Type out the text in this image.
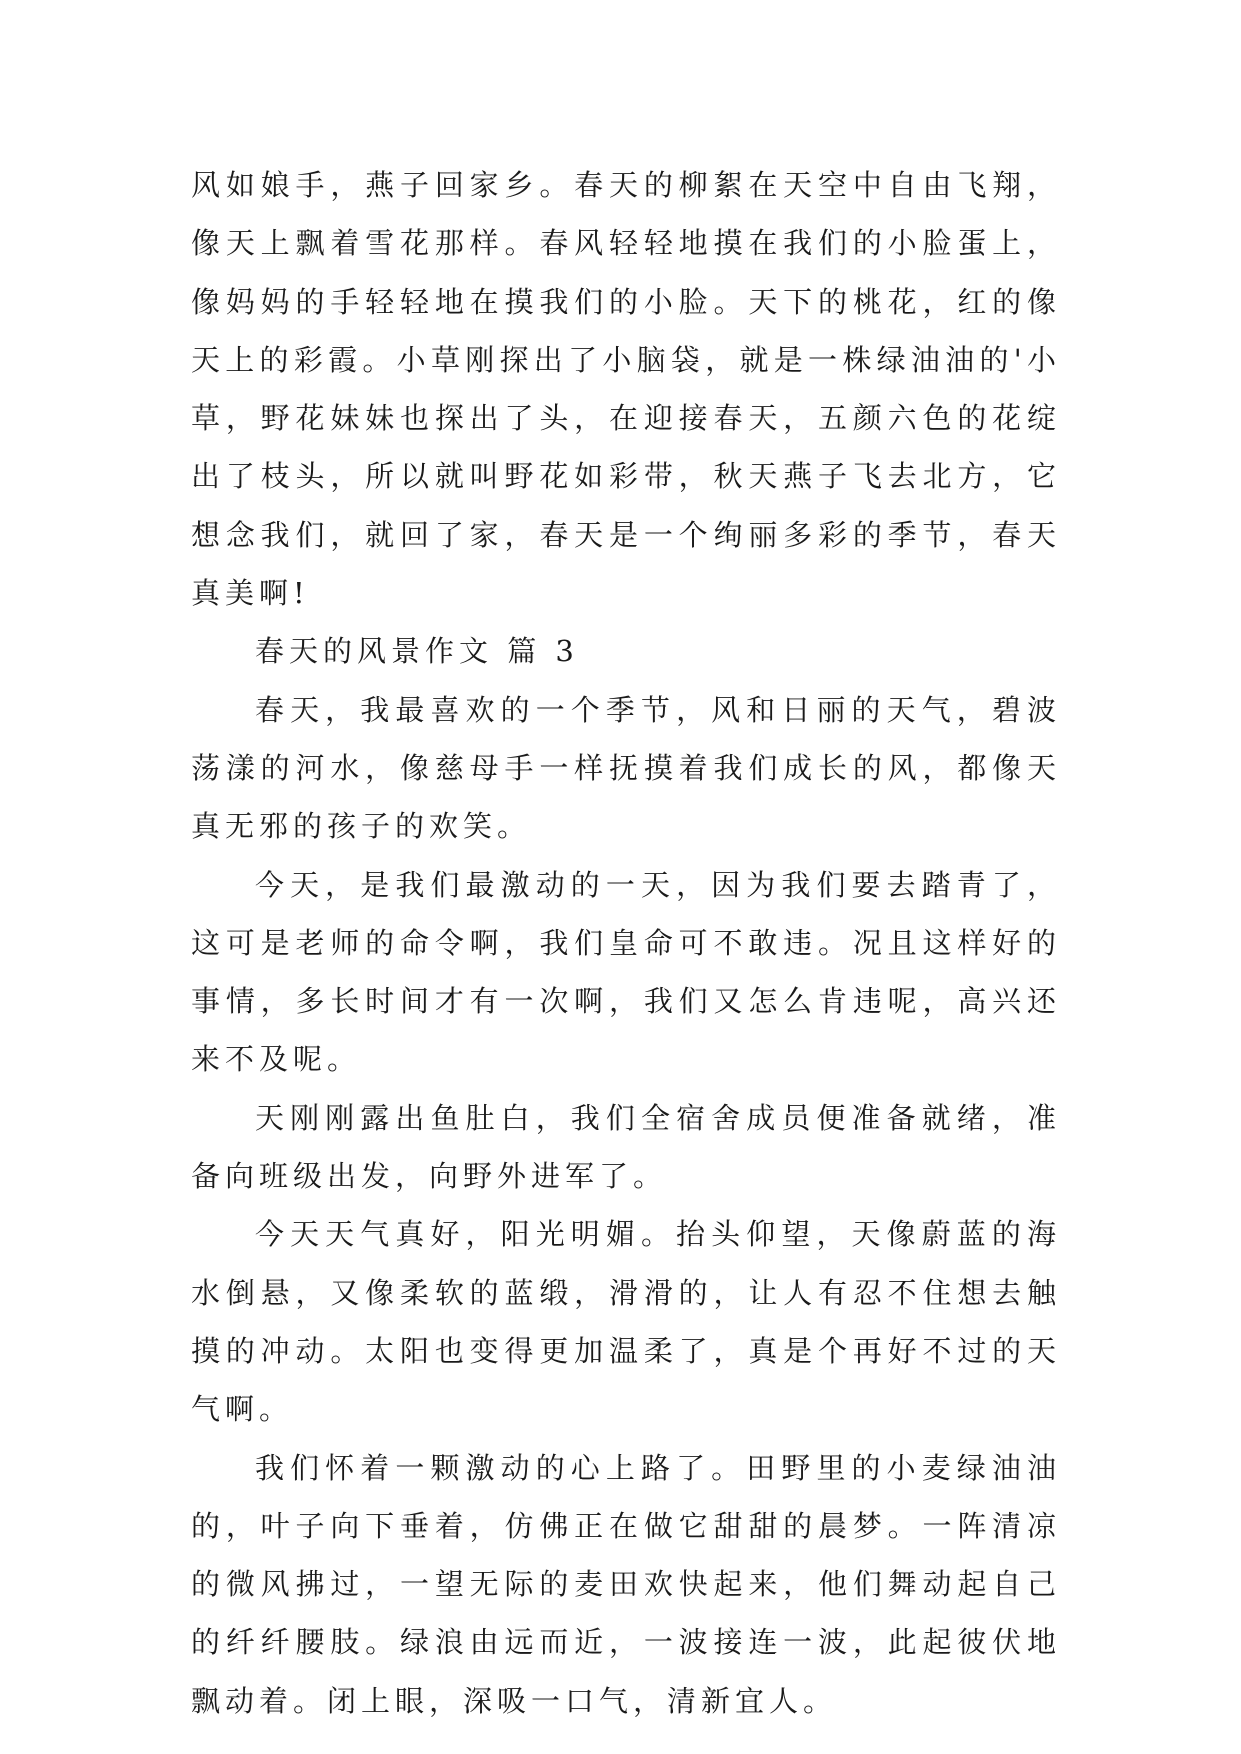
风如娘手，燕子回家乡。春天的柳絮在天空中自由飞翔，像天上飘着雪花那样。春风轻轻地摸在我们的小脸蛋上，像妈妈的手轻轻地在摸我们的小脸。天下的桃花，红的像天上的彩霞。小草刚探出了小脑袋，就是一株绿油油的'小草，野花妹妹也探出了头，在迎接春天，五颜六色的花绽出了枝头，所以就叫野花如彩带，秋天燕子飞去北方，它想念我们，就回了家，春天是一个绚丽多彩的季节，春天真美啊!

春天的风景作文 篇 3

春天，我最喜欢的一个季节，风和日丽的天气，碧波荡漾的河水，像慈母手一样抚摸着我们成长的风，都像天真无邪的孩子的欢笑。

今天，是我们最激动的一天，因为我们要去踏青了，这可是老师的命令啊，我们皇命可不敢违。况且这样好的事情，多长时间才有一次啊，我们又怎么肯违呢，高兴还来不及呢。

天刚刚露出鱼肚白，我们全宿舍成员便准备就绪，准备向班级出发，向野外进军了。

今天天气真好，阳光明媚。抬头仰望，天像蔚蓝的海水倒悬，又像柔软的蓝缎，滑滑的，让人有忍不住想去触摸的冲动。太阳也变得更加温柔了，真是个再好不过的天气啊。

我们怀着一颗激动的心上路了。田野里的小麦绿油油的，叶子向下垂着，仿佛正在做它甜甜的晨梦。一阵清凉的微风拂过，一望无际的麦田欢快起来，他们舞动起自己的纤纤腰肢。绿浪由远而近，一波接连一波，此起彼伏地飘动着。闭上眼，深吸一口气，清新宜人。
